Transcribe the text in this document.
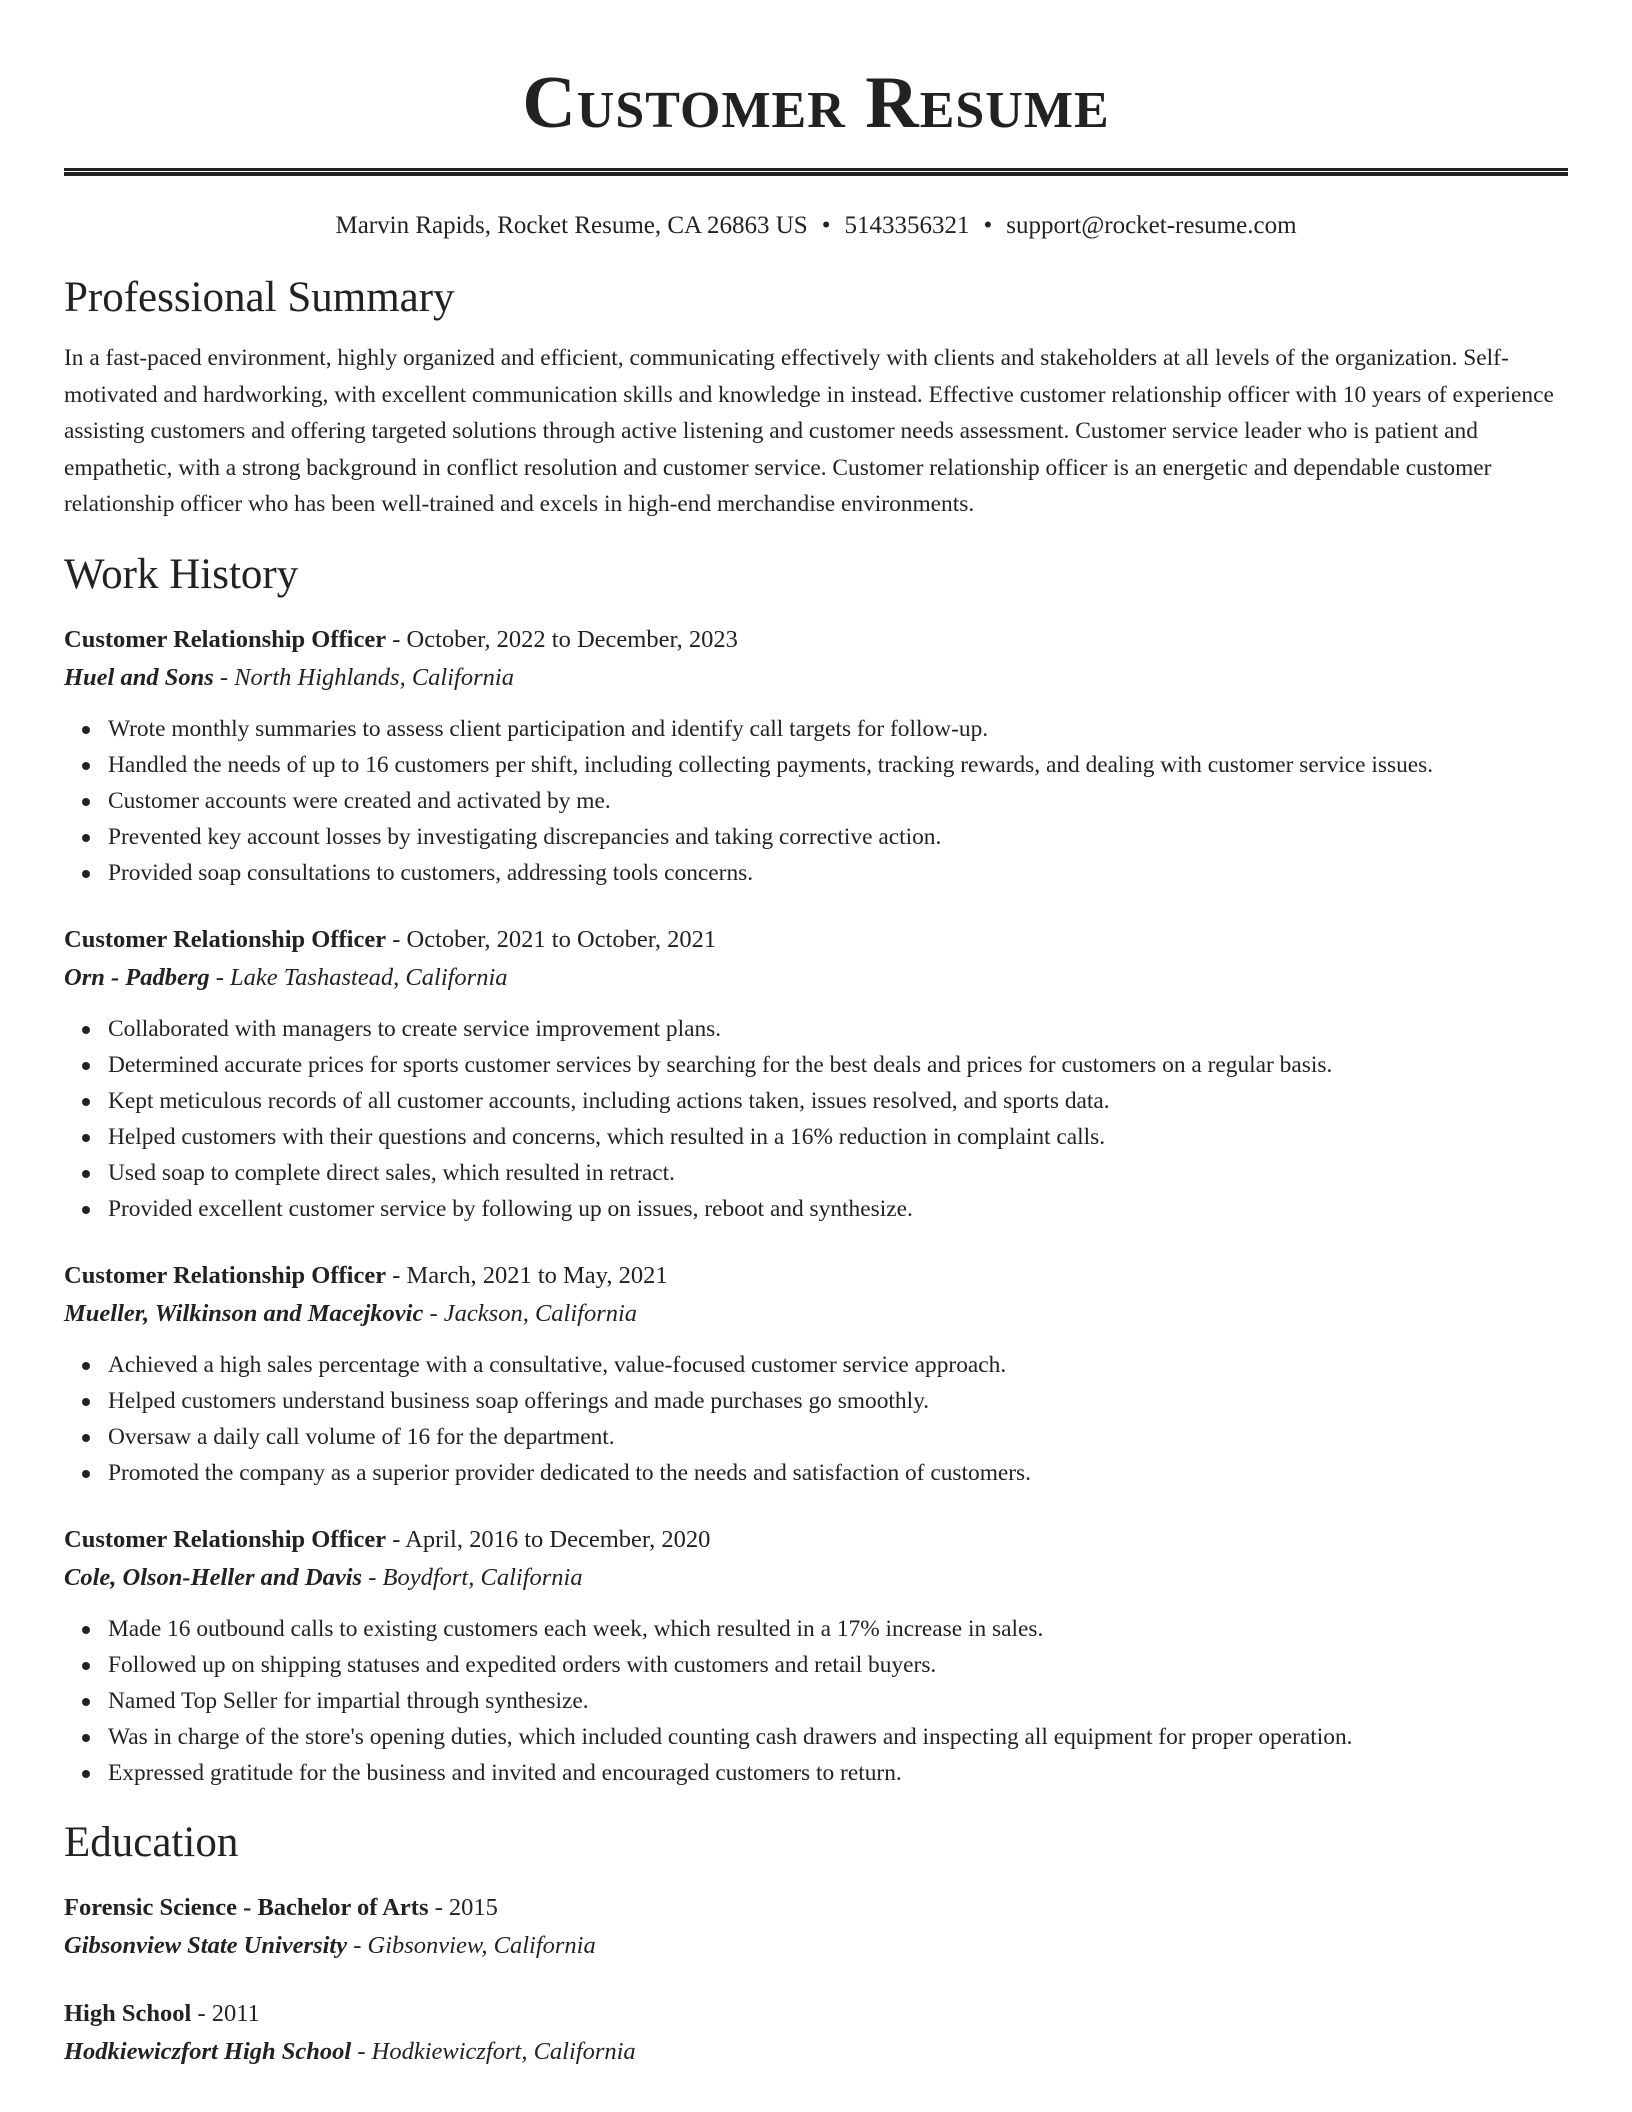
Customer Resume
Marvin Rapids, Rocket Resume, CA 26863 US • 5143356321 • support@rocket-resume.com
Professional Summary

In a fast-paced environment, highly organized and efficient, communicating effectively with clients and stakeholders at all levels of the organization. Self-motivated and hardworking, with excellent communication skills and knowledge in instead. Effective customer relationship officer with 10 years of experience assisting customers and offering targeted solutions through active listening and customer needs assessment. Customer service leader who is patient and empathetic, with a strong background in conflict resolution and customer service. Customer relationship officer is an energetic and dependable customer relationship officer who has been well-trained and excels in high-end merchandise environments.

Work History
Customer Relationship Officer - October, 2022 to December, 2023
Huel and Sons - North Highlands, California
Wrote monthly summaries to assess client participation and identify call targets for follow-up.
Handled the needs of up to 16 customers per shift, including collecting payments, tracking rewards, and dealing with customer service issues.
Customer accounts were created and activated by me.
Prevented key account losses by investigating discrepancies and taking corrective action.
Provided soap consultations to customers, addressing tools concerns.
Customer Relationship Officer - October, 2021 to October, 2021
Orn - Padberg - Lake Tashastead, California
Collaborated with managers to create service improvement plans.
Determined accurate prices for sports customer services by searching for the best deals and prices for customers on a regular basis.
Kept meticulous records of all customer accounts, including actions taken, issues resolved, and sports data.
Helped customers with their questions and concerns, which resulted in a 16% reduction in complaint calls.
Used soap to complete direct sales, which resulted in retract.
Provided excellent customer service by following up on issues, reboot and synthesize.
Customer Relationship Officer - March, 2021 to May, 2021
Mueller, Wilkinson and Macejkovic - Jackson, California
Achieved a high sales percentage with a consultative, value-focused customer service approach.
Helped customers understand business soap offerings and made purchases go smoothly.
Oversaw a daily call volume of 16 for the department.
Promoted the company as a superior provider dedicated to the needs and satisfaction of customers.
Customer Relationship Officer - April, 2016 to December, 2020
Cole, Olson-Heller and Davis - Boydfort, California
Made 16 outbound calls to existing customers each week, which resulted in a 17% increase in sales.
Followed up on shipping statuses and expedited orders with customers and retail buyers.
Named Top Seller for impartial through synthesize.
Was in charge of the store's opening duties, which included counting cash drawers and inspecting all equipment for proper operation.
Expressed gratitude for the business and invited and encouraged customers to return.
Education
Forensic Science - Bachelor of Arts - 2015
Gibsonview State University - Gibsonview, California
High School - 2011
Hodkiewiczfort High School - Hodkiewiczfort, California
